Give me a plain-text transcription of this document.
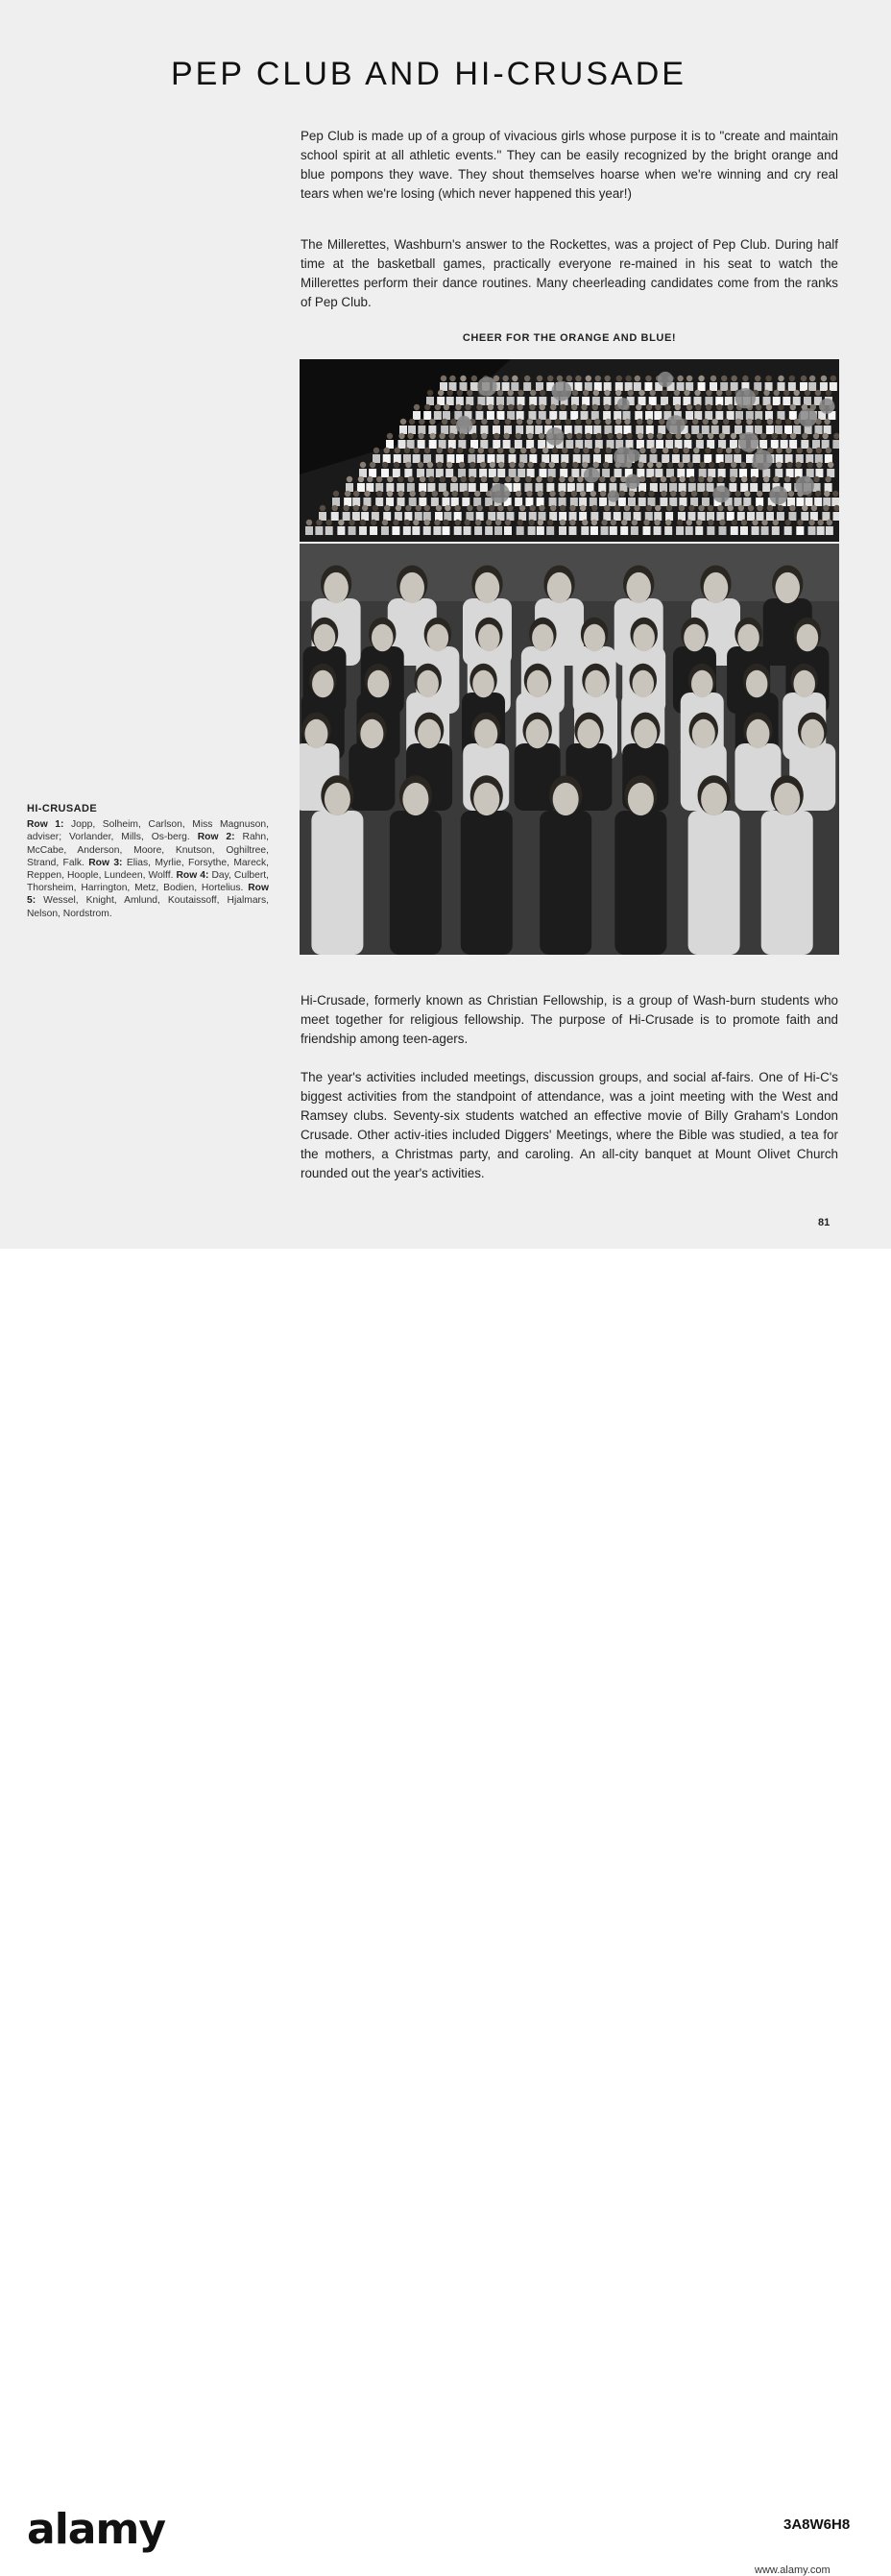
PEP CLUB AND HI-CRUSADE

Pep Club is made up of a group of vivacious girls whose purpose it is to "create and maintain school spirit at all athletic events.'' They can be easily recognized by the bright orange and blue pompons they wave. They shout themselves hoarse when we're winning and cry real tears when we're losing (which never happened this year!)

The Millerettes, Washburn's answer to the Rockettes, was a project of Pep Club. During half time at the basketball games, practically everyone re-mained in his seat to watch the Millerettes perform their dance routines. Many cheerleading candidates come from the ranks of Pep Club.

CHEER FOR THE ORANGE AND BLUE!
HI-CRUSADE
Row 1: Jopp, Solheim, Carlson, Miss Magnuson, adviser; Vorlander, Mills, Os-berg. Row 2: Rahn, McCabe, Anderson, Moore, Knutson, Oghiltree, Strand, Falk. Row 3: Elias, Myrlie, Forsythe, Mareck, Reppen, Hoople, Lundeen, Wolff. Row 4: Day, Culbert, Thorsheim, Harrington, Metz, Bodien, Hortelius. Row 5: Wessel, Knight, Amlund, Koutaissoff, Hjalmars, Nelson, Nordstrom.

Hi-Crusade, formerly known as Christian Fellowship, is a group of Wash-burn students who meet together for religious fellowship. The purpose of Hi-Crusade is to promote faith and friendship among teen-agers.

The year's activities included meetings, discussion groups, and social af-fairs. One of Hi-C's biggest activities from the standpoint of attendance, was a joint meeting with the West and Ramsey clubs. Seventy-six students watched an effective movie of Billy Graham's London Crusade. Other activ-ities included Diggers' Meetings, where the Bible was studied, a tea for the mothers, a Christmas party, and caroling. An all-city banquet at Mount Olivet Church rounded out the year's activities.

81
alamy	3A8W6H8
www.alamy.com
